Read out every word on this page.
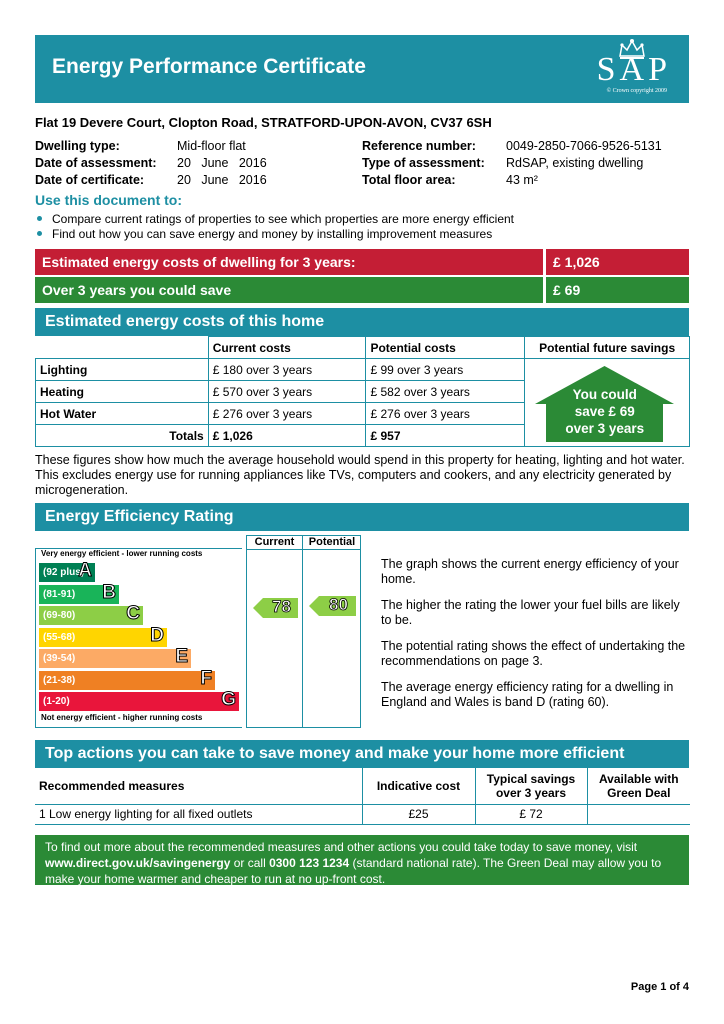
Energy Performance Certificate	SAP
© Crown copyright 2009
Flat 19 Devere Court, Clopton Road, STRATFORD-UPON-AVON, CV37 6SH
Dwelling type:	Mid-floor flat
Date of assessment: 20   June   2016
Date of certificate:	20   June   2016
Reference number: 0049-2850-7066-9526-5131
Type of assessment: RdSAP, existing dwelling
Total floor area:	43 m²
Use this document to:
Compare current ratings of properties to see which properties are more energy efficient
Find out how you can save energy and money by installing improvement measures
Estimated energy costs of dwelling for 3 years:	£ 1,026
Over 3 years you could save	£ 69
Estimated energy costs of this home
	Current costs	Potential costs	Potential future savings
Lighting	£ 180 over 3 years	£ 99 over 3 years	You could
save £ 69
over 3 years

Heating	£ 570 over 3 years	£ 582 over 3 years	
Hot Water	£ 276 over 3 years	£ 276 over 3 years	
Totals	£ 1,026	£ 957	
These figures show how much the average household would spend in this property for heating, lighting and hot water. This excludes energy use for running appliances like TVs, computers and cookers, and any electricity generated by microgeneration.
Energy Efficiency Rating
Current	Potential
Very energy efficient - lower running costs
Not energy efficient - higher running costs
(92 plus)
A
(81-91) B
(69-80)	C
(55-68)	D
(39-54)	E
(21-38)	F
(1-20)	G
78	80
The graph shows the current energy efficiency of your home.
The higher the rating the lower your fuel bills are likely to be.
The potential rating shows the effect of undertaking the recommendations on page 3.
The average energy efficiency rating for a dwelling in England and Wales is band D (rating 60).
Top actions you can take to save money and make your home more efficient
Recommended measures	Indicative cost	Typical savings over 3 years	Available with Green Deal
1 Low energy lighting for all fixed outlets	£25	£ 72	
To find out more about the recommended measures and other actions you could take today to save money, visit www.direct.gov.uk/savingenergy or call 0300 123 1234 (standard national rate). The Green Deal may allow you to make your home warmer and cheaper to run at no up-front cost.
Page 1 of 4
